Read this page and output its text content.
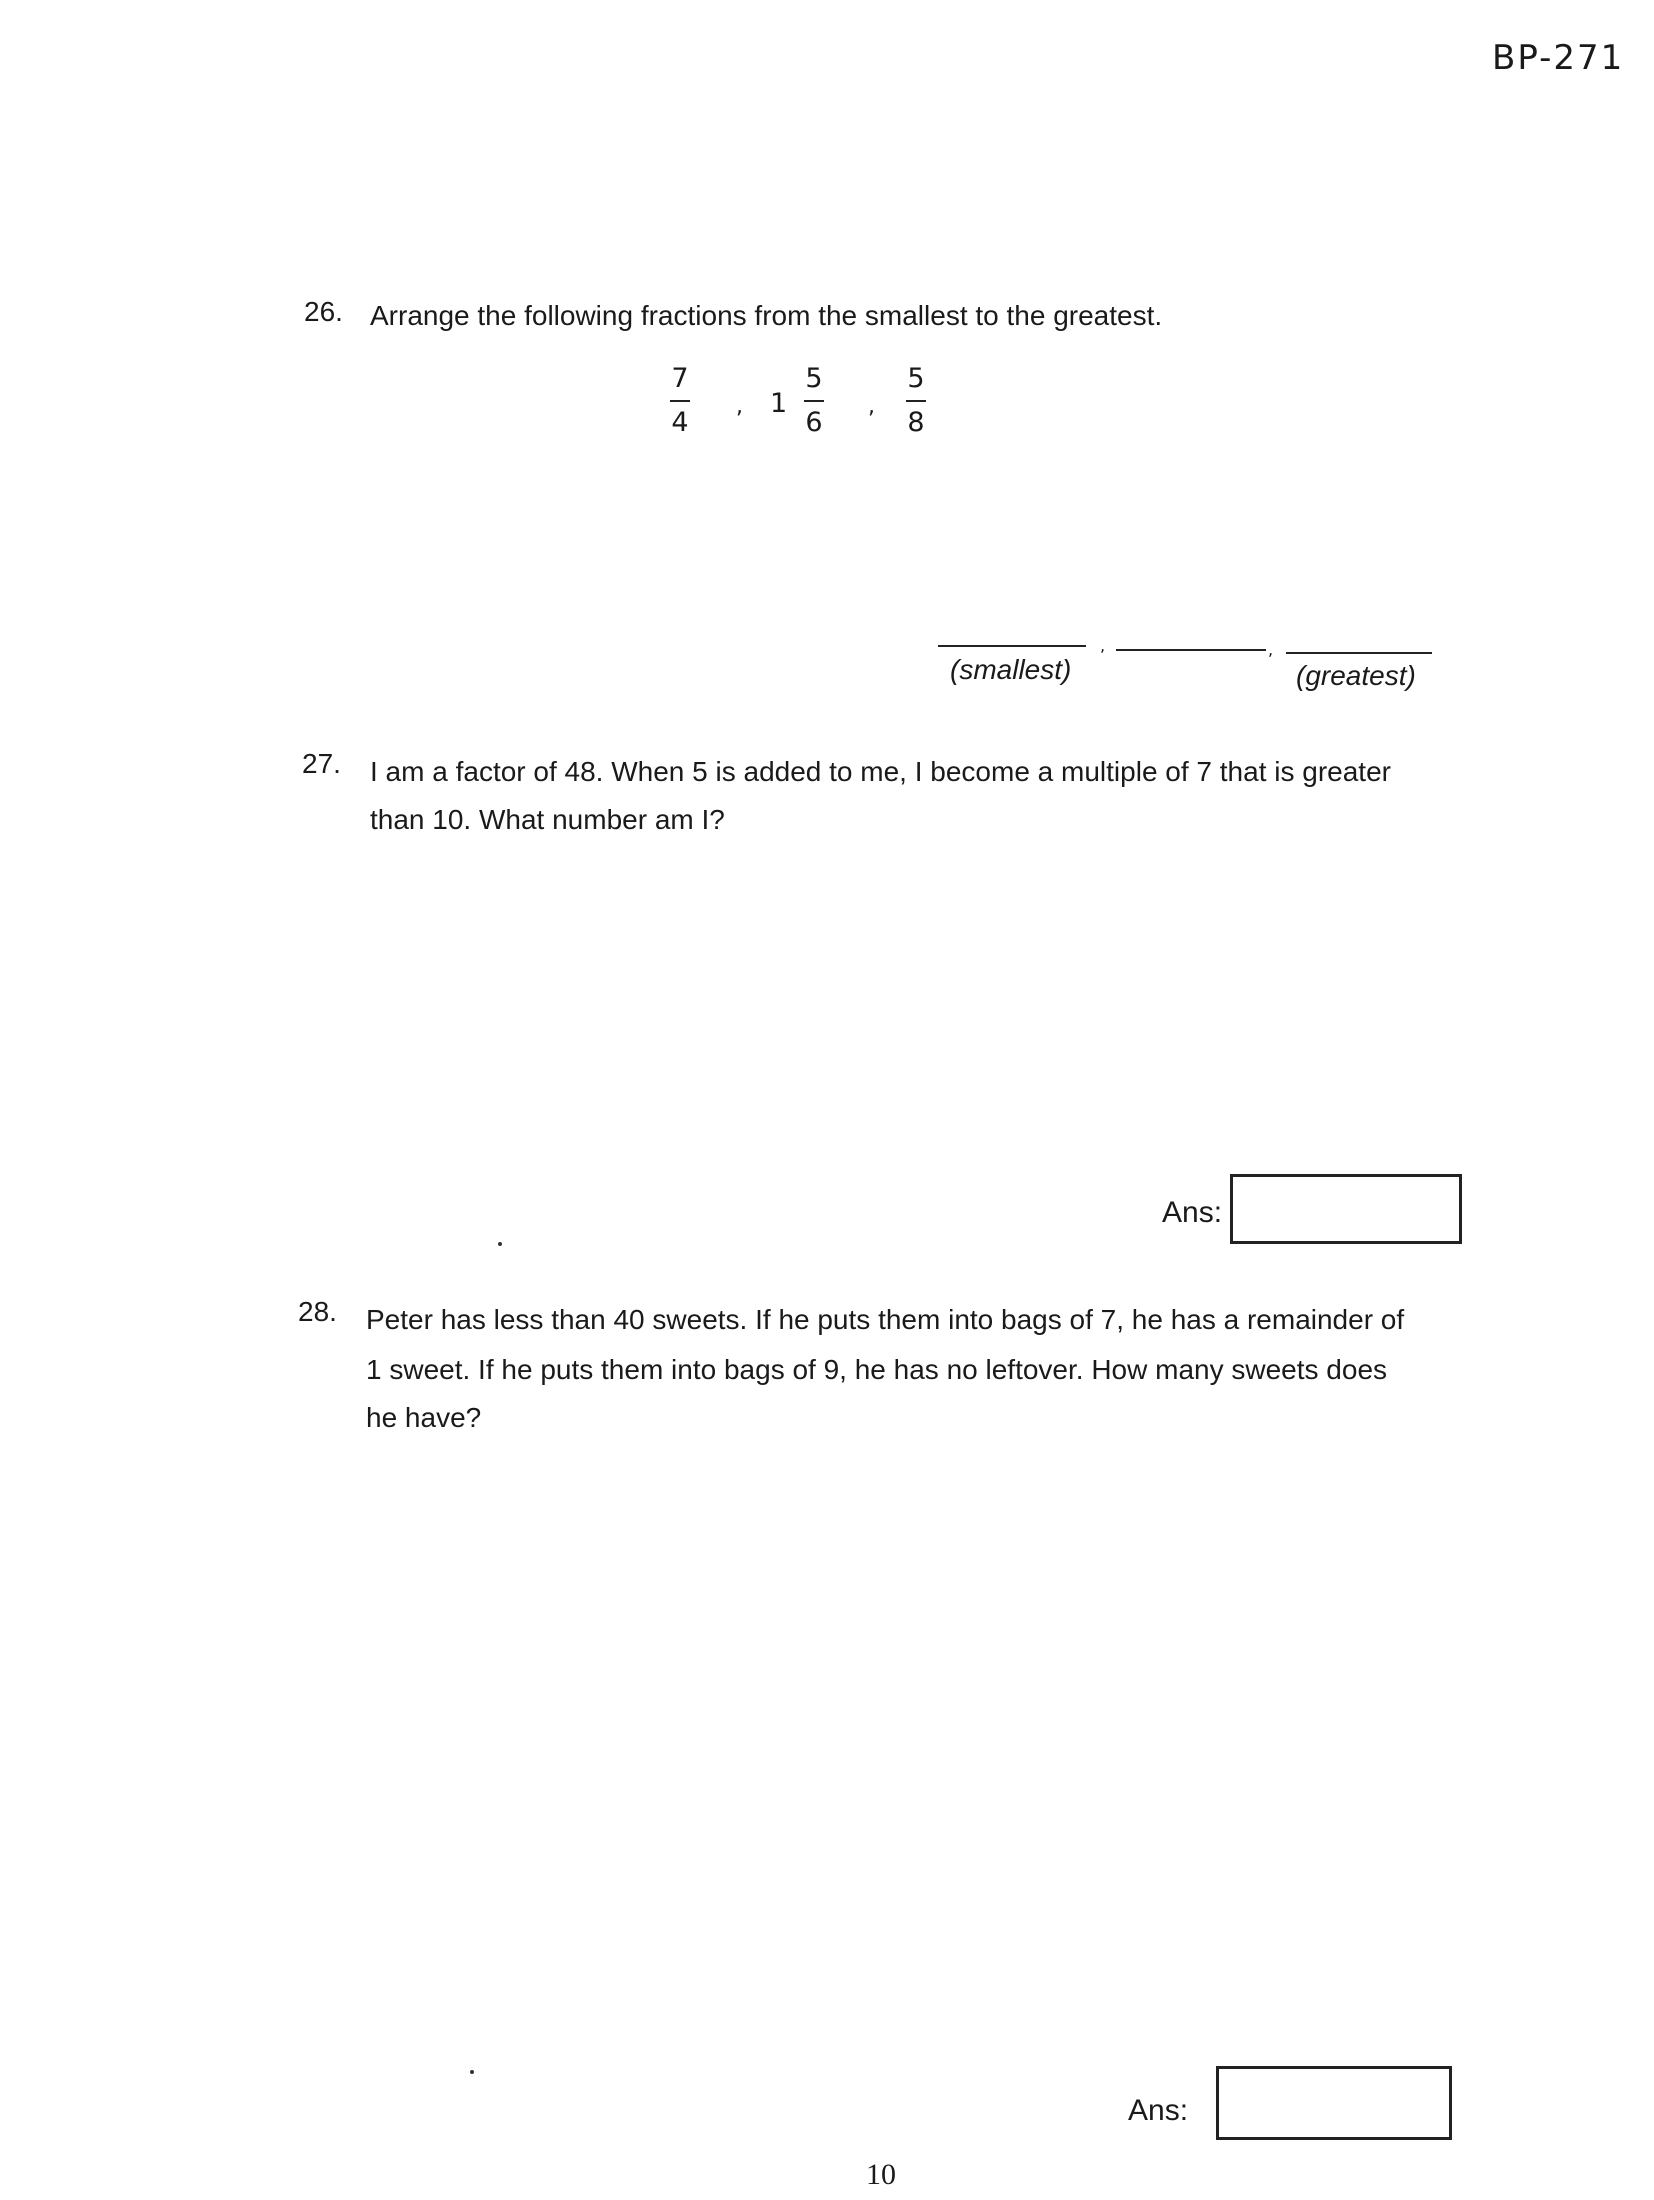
BP-271
26. Arrange the following fractions from the smallest to the greatest.
7
4
, 1
5
6
,
5
8
,	,
(smallest)	(greatest)
27. I am a factor of 48. When 5 is added to me, I become a multiple of 7 that is greater
than 10. What number am I?
Ans:
28. Peter has less than 40 sweets. If he puts them into bags of 7, he has a remainder of
1 sweet. If he puts them into bags of 9, he has no leftover. How many sweets does
he have?
Ans:
10
